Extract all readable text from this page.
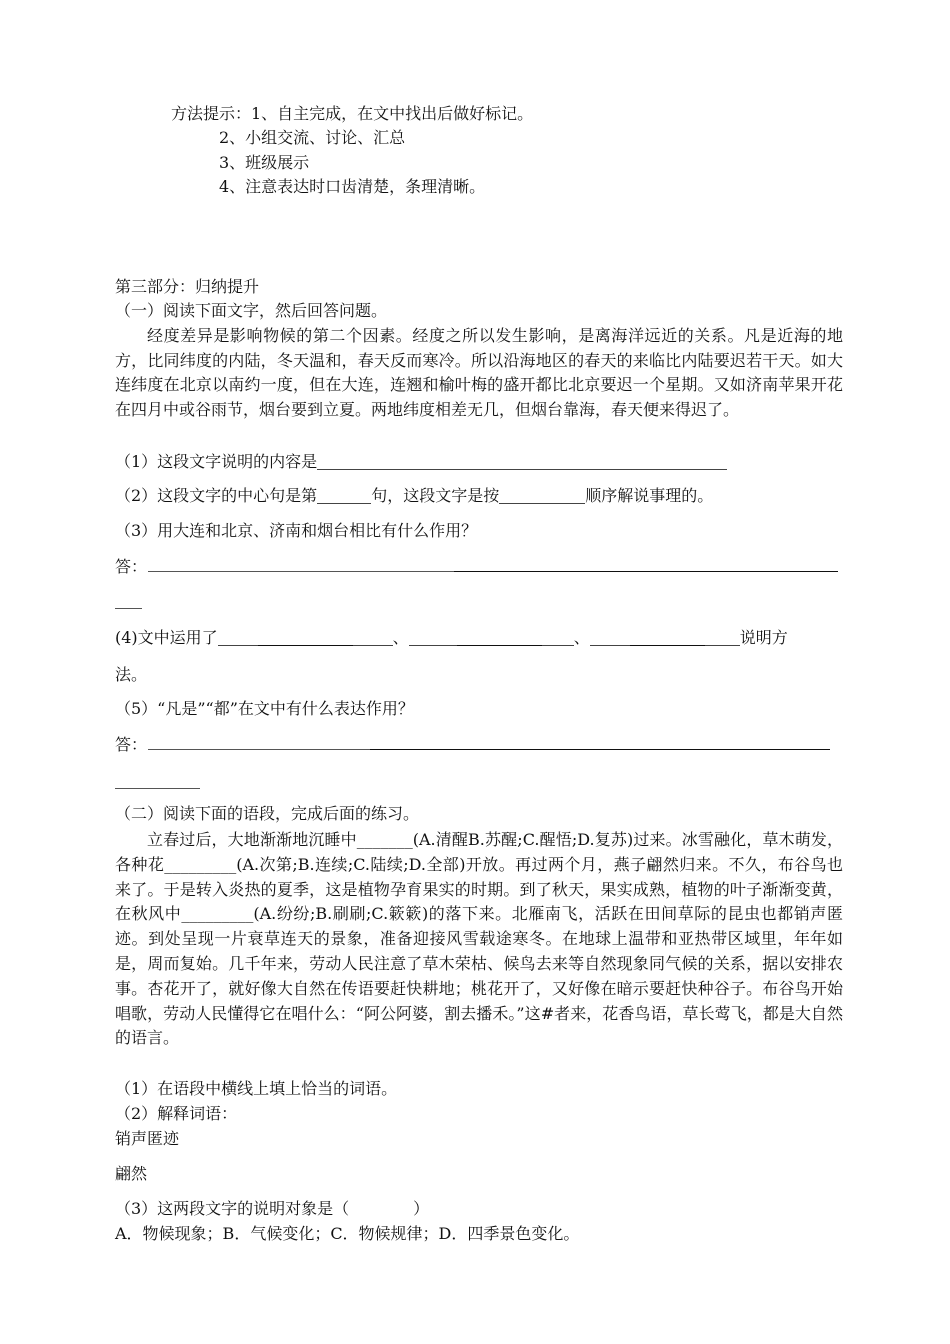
方法提示：1、自主完成，在文中找出后做好标记。
2、小组交流、讨论、汇总
3、班级展示
4、注意表达时口齿清楚，条理清晰。
第三部分：归纳提升
（一）阅读下面文字，然后回答问题。
经度差异是影响物候的第二个因素。经度之所以发生影响，是离海洋远近的关系。凡是近海的地方，比同纬度的内陆，冬天温和，春天反而寒冷。所以沿海地区的春天的来临比内陆要迟若干天。如大连纬度在北京以南约一度，但在大连，连翘和榆叶梅的盛开都比北京要迟一个星期。又如济南苹果开花在四月中或谷雨节，烟台要到立夏。两地纬度相差无几，但烟台靠海，春天便来得迟了。
（1）这段文字说明的内容是
（2）这段文字的中心句是第	句，这段文字是按	顺序解说事理的。
（3）用大连和北京、济南和烟台相比有什么作用？
答：
(4)文中运用了	、	、	说明方
法。
（5）“凡是”“都”在文中有什么表达作用？
答：
（二）阅读下面的语段，完成后面的练习。
立春过后，大地渐渐地沉睡中_______(A.清醒B.苏醒;C.醒悟;D.复苏)过来。冰雪融化，草木萌发，各种花_________(A.次第;B.连续;C.陆续;D.全部)开放。再过两个月，燕子翩然归来。不久，布谷鸟也来了。于是转入炎热的夏季，这是植物孕育果实的时期。到了秋天，果实成熟，植物的叶子渐渐变黄，在秋风中_________(A.纷纷;B.刷刷;C.簌簌)的落下来。北雁南飞，活跃在田间草际的昆虫也都销声匿迹。到处呈现一片衰草连天的景象，准备迎接风雪载途寒冬。在地球上温带和亚热带区域里，年年如是，周而复始。几千年来，劳动人民注意了草木荣枯、候鸟去来等自然现象同气候的关系，据以安排农事。杏花开了，就好像大自然在传语要赶快耕地；桃花开了，又好像在暗示要赶快种谷子。布谷鸟开始唱歌，劳动人民懂得它在唱什么：“阿公阿婆，割去播禾。”这#者来，花香鸟语，草长莺飞，都是大自然的语言。
（1）在语段中横线上填上恰当的词语。
（2）解释词语：
销声匿迹
翩然
（3）这两段文字的说明对象是（　　　　）
A．物候现象；B．气候变化；C．物候规律；D．四季景色变化。
